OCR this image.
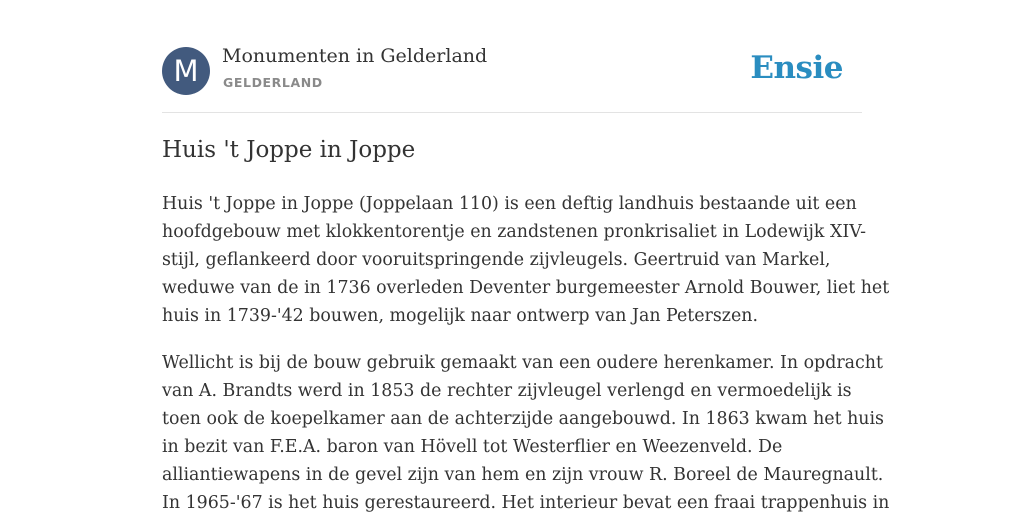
M	Monumenten in Gelderland
GELDERLAND	Ensie
Huis 't Joppe in Joppe

Huis 't Joppe in Joppe (Joppelaan 110) is een deftig landhuis bestaande uit een
hoofdgebouw met klokkentorentje en zandstenen pronkrisaliet in Lodewijk XIV-
stijl, geflankeerd door vooruitspringende zijvleugels. Geertruid van Markel,
weduwe van de in 1736 overleden Deventer burgemeester Arnold Bouwer, liet het
huis in 1739-'42 bouwen, mogelijk naar ontwerp van Jan Peterszen.

Wellicht is bij de bouw gebruik gemaakt van een oudere herenkamer. In opdracht
van A. Brandts werd in 1853 de rechter zijvleugel verlengd en vermoedelijk is
toen ook de koepelkamer aan de achterzijde aangebouwd. In 1863 kwam het huis
in bezit van F.E.A. baron van Hövell tot Westerflier en Weezenveld. De
alliantiewapens in de gevel zijn van hem en zijn vrouw R. Boreel de Mauregnault.
In 1965-'67 is het huis gerestaureerd. Het interieur bevat een fraai trappenhuis in
